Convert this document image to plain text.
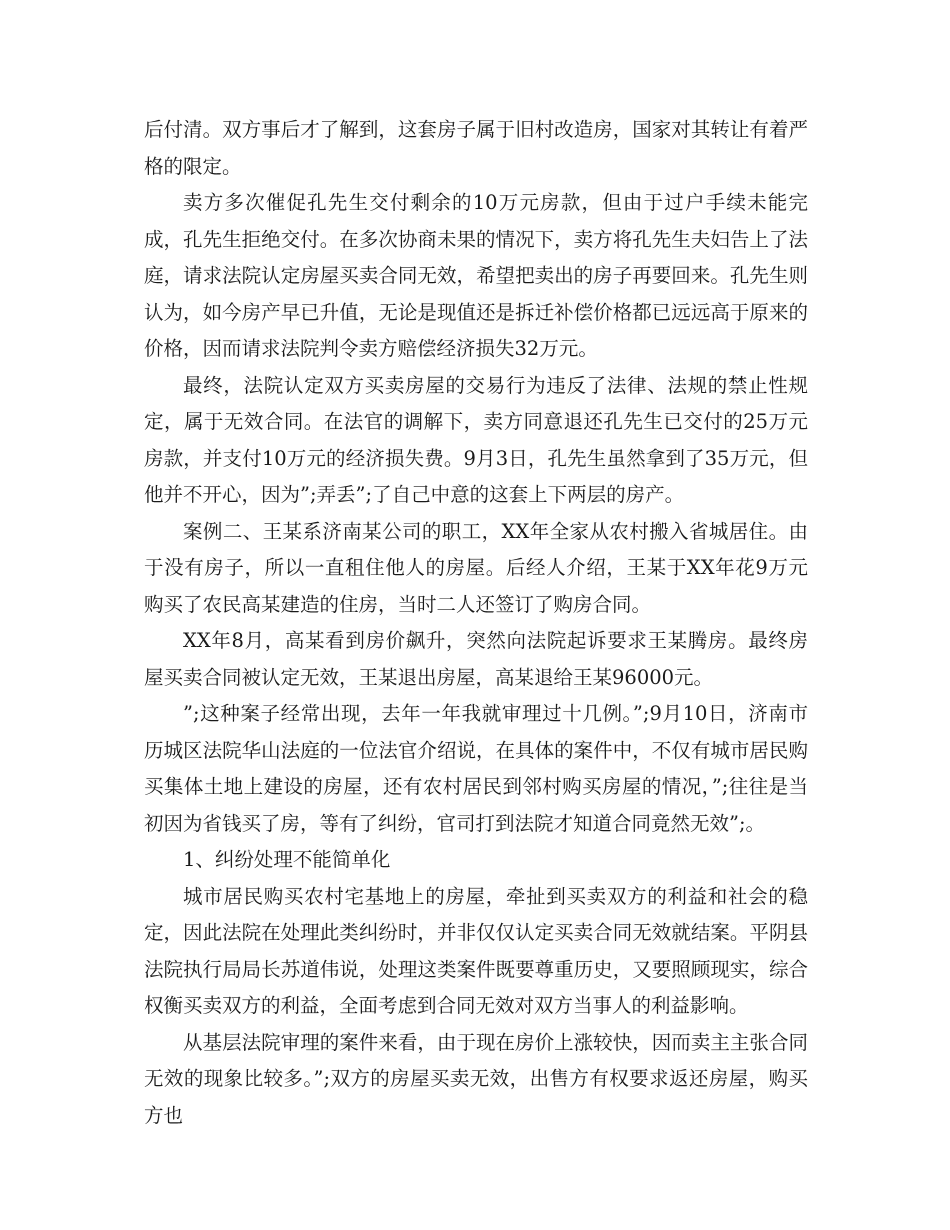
后付清。双方事后才了解到，这套房子属于旧村改造房，国家对其转让有着严格的限定。

卖方多次催促孔先生交付剩余的10万元房款，但由于过户手续未能完成，孔先生拒绝交付。在多次协商未果的情况下，卖方将孔先生夫妇告上了法庭，请求法院认定房屋买卖合同无效，希望把卖出的房子再要回来。孔先生则认为，如今房产早已升值，无论是现值还是拆迁补偿价格都已远远高于原来的价格，因而请求法院判令卖方赔偿经济损失32万元。

最终，法院认定双方买卖房屋的交易行为违反了法律、法规的禁止性规定，属于无效合同。在法官的调解下，卖方同意退还孔先生已交付的25万元房款，并支付10万元的经济损失费。9月3日，孔先生虽然拿到了35万元，但他并不开心，因为”;弄丢”;了自己中意的这套上下两层的房产。

案例二、王某系济南某公司的职工，XX年全家从农村搬入省城居住。由于没有房子，所以一直租住他人的房屋。后经人介绍，王某于XX年花9万元购买了农民高某建造的住房，当时二人还签订了购房合同。

XX年8月，高某看到房价飙升，突然向法院起诉要求王某腾房。最终房屋买卖合同被认定无效，王某退出房屋，高某退给王某96000元。

”;这种案子经常出现，去年一年我就审理过十几例。”;9月10日，济南市历城区法院华山法庭的一位法官介绍说，在具体的案件中，不仅有城市居民购买集体土地上建设的房屋，还有农村居民到邻村购买房屋的情况，”;往往是当初因为省钱买了房，等有了纠纷，官司打到法院才知道合同竟然无效”;。

1、纠纷处理不能简单化

城市居民购买农村宅基地上的房屋，牵扯到买卖双方的利益和社会的稳定，因此法院在处理此类纠纷时，并非仅仅认定买卖合同无效就结案。平阴县法院执行局局长苏道伟说，处理这类案件既要尊重历史，又要照顾现实，综合权衡买卖双方的利益，全面考虑到合同无效对双方当事人的利益影响。

从基层法院审理的案件来看，由于现在房价上涨较快，因而卖主主张合同无效的现象比较多。”;双方的房屋买卖无效，出售方有权要求返还房屋，购买方也
